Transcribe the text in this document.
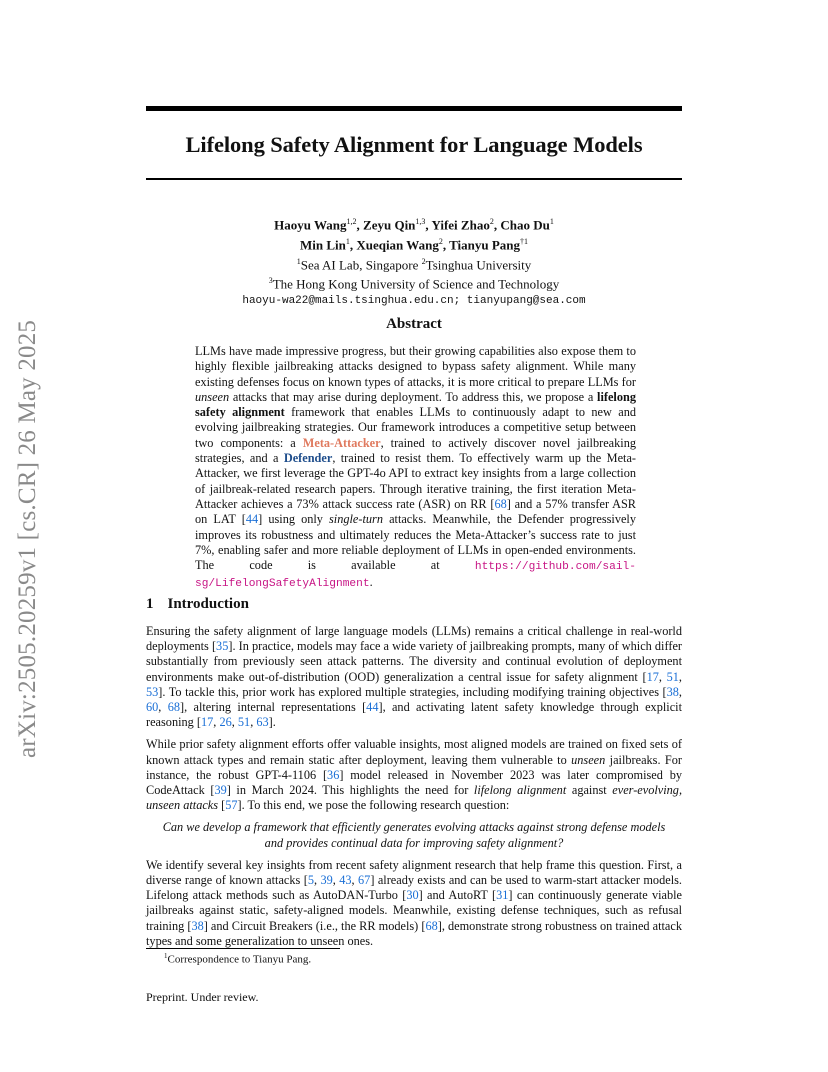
arXiv:2505.20259v1 [cs.CR] 26 May 2025
Lifelong Safety Alignment for Language Models
Haoyu Wang$^{1,2}$, Zeyu Qin$^{1,3}$, Yifei Zhao$^2$, Chao Du$^1$
Min Lin$^1$, Xueqian Wang$^2$, Tianyu Pang$^{\dagger 1}$
$^1$Sea AI Lab, Singapore $^2$Tsinghua University
$^3$The Hong Kong University of Science and Technology
haoyu-wa22@mails.tsinghua.edu.cn; tianyupang@sea.com
Abstract
LLMs have made impressive progress, but their growing capabilities also expose them to highly flexible jailbreaking attacks designed to bypass safety alignment. While many existing defenses focus on known types of attacks, it is more critical to prepare LLMs for unseen attacks that may arise during deployment. To address this, we propose a lifelong safety alignment framework that enables LLMs to continuously adapt to new and evolving jailbreaking strategies. Our framework introduces a competitive setup between two components: a Meta-Attacker, trained to actively discover novel jailbreaking strategies, and a Defender, trained to resist them. To effectively warm up the Meta-Attacker, we first leverage the GPT-4o API to extract key insights from a large collection of jailbreak-related research papers. Through iterative training, the first iteration Meta-Attacker achieves a 73% attack success rate (ASR) on RR [68] and a 57% transfer ASR on LAT [44] using only single-turn attacks. Meanwhile, the Defender progressively improves its robustness and ultimately reduces the Meta-Attacker’s success rate to just 7%, enabling safer and more reliable deployment of LLMs in open-ended environments. The code is available at https://github.com/sail-sg/LifelongSafetyAlignment.
1 Introduction

Ensuring the safety alignment of large language models (LLMs) remains a critical challenge in real-world deployments [35]. In practice, models may face a wide variety of jailbreaking prompts, many of which differ substantially from previously seen attack patterns. The diversity and continual evolution of deployment environments make out-of-distribution (OOD) generalization a central issue for safety alignment [17, 51, 53]. To tackle this, prior work has explored multiple strategies, including modifying training objectives [38, 60, 68], altering internal representations [44], and activating latent safety knowledge through explicit reasoning [17, 26, 51, 63].

While prior safety alignment efforts offer valuable insights, most aligned models are trained on fixed sets of known attack types and remain static after deployment, leaving them vulnerable to unseen jailbreaks. For instance, the robust GPT-4-1106 [36] model released in November 2023 was later compromised by CodeAttack [39] in March 2024. This highlights the need for lifelong alignment against ever-evolving, unseen attacks [57]. To this end, we pose the following research question:

Can we develop a framework that efficiently generates evolving attacks against strong defense models and provides continual data for improving safety alignment?

We identify several key insights from recent safety alignment research that help frame this question. First, a diverse range of known attacks [5, 39, 43, 67] already exists and can be used to warm-start attacker models. Lifelong attack methods such as AutoDAN-Turbo [30] and AutoRT [31] can continuously generate viable jailbreaks against static, safety-aligned models. Meanwhile, existing defense techniques, such as refusal training [38] and Circuit Breakers (i.e., the RR models) [68], demonstrate strong robustness on trained attack types and some generalization to unseen ones.

$^1$Correspondence to Tianyu Pang.
Preprint. Under review.
